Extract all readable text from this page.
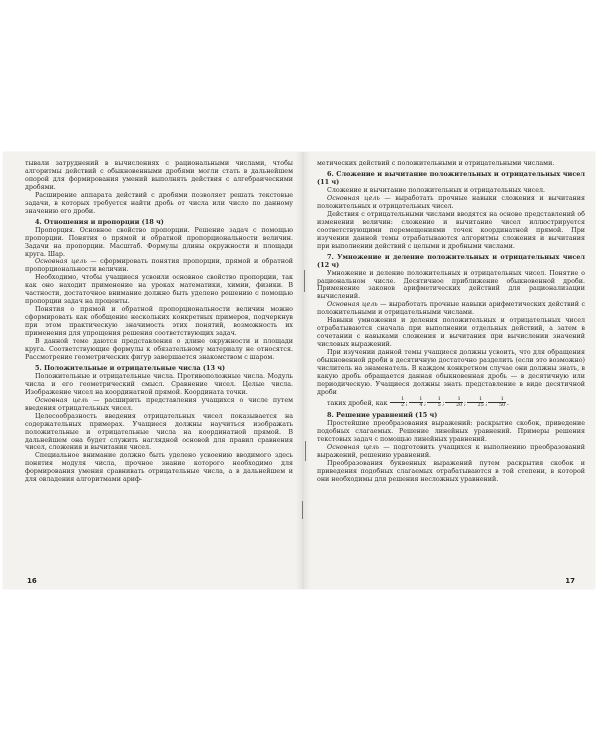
тывали затруднений в вычислениях с рациональными числами, чтобы алгоритмы действий с обыкновенными дробями могли стать в дальнейшем опорой для формирования умений выполнять действия с алгебраическими дробями.

Расширение аппарата действий с дробями позволяет решать текстовые задачи, в которых требуется найти дробь от числа или число по данному значению его дроби.

4. Отношения и пропорции (18 ч)

Пропорция. Основное свойство пропорции. Решение задач с помощью пропорции. Понятия о прямой и обратной пропорциональности величин. Задачи на пропорции. Масштаб. Формулы длины окружности и площади круга. Шар.

Основная цель — сформировать понятия пропорции, прямой и обратной пропорциональности величин.

Необходимо, чтобы учащиеся усвоили основное свойство пропорции, так как оно находит применение на уроках математики, химии, физики. В частности, достаточное внимание должно быть уделено решению с помощью пропорции задач на проценты.

Понятия о прямой и обратной пропорциональности величин можно сформировать как обобщение нескольких конкретных примеров, подчеркнув при этом практическую значимость этих понятий, возможность их применения для упрощения решения соответствующих задач.

В данной теме даются представления о длине окружности и площади круга. Соответствующие формулы к обязательному материалу не относятся. Рассмотрение геометрических фигур завершается знакомством с шаром.

5. Положительные и отрицательные числа (13 ч)

Положительные и отрицательные числа. Противоположные числа. Модуль числа и его геометрический смысл. Сравнение чисел. Целые числа. Изображение чисел на координатной прямой. Координата точки.

Основная цель — расширить представления учащихся о числе путем введения отрицательных чисел.

Целесообразность введения отрицательных чисел показывается на содержательных примерах. Учащиеся должны научиться изображать положительные и отрицательные числа на координатной прямой. В дальнейшем она будет служить наглядной основой для правил сравнения чисел, сложения и вычитания чисел.

Специальное внимание должно быть уделено усвоению вводимого здесь понятия модуля числа, прочное знание которого необходимо для формирования умения сравнивать отрицательные числа, а в дальнейшем и для овладения алгоритмами ариф-

метических действий с положительными и отрицательными числами.

6. Сложение и вычитание положительных и отрицательных чисел (11 ч)

Сложение и вычитание положительных и отрицательных чисел.

Основная цель — выработать прочные навыки сложения и вычитания положительных и отрицательных чисел.

Действия с отрицательными числами вводятся на основе представлений об изменении величин: сложение и вычитание чисел иллюстрируется соответствующими перемещениями точек координатной прямой. При изучении данной темы отрабатываются алгоритмы сложения и вычитания при выполнении действий с целыми и дробными числами.

7. Умножение и деление положительных и отрицательных чисел (12 ч)

Умножение и деление положительных и отрицательных чисел. Понятие о рациональном числе. Десятичное приближение обыкновенной дроби. Применение законов арифметических действий для рационализации вычислений.

Основная цель — выработать прочные навыки арифметических действий с положительными и отрицательными числами.

Навыки умножения и деления положительных и отрицательных чисел отрабатываются сначала при выполнении отдельных действий, а затем в сочетании с навыками сложения и вычитания при вычислении значений числовых выражений.

При изучении данной темы учащиеся должны усвоить, что для обращения обыкновенной дроби в десятичную достаточно разделить (если это возможно) числитель на знаменатель. В каждом конкретном случае они должны знать, в какую дробь обращается данная обыкновенная дробь — в десятичную или периодическую. Учащиеся должны знать представление в виде десятичной дроби

таких дробей, как $\frac{1}{2}$ ; $\frac{1}{4}$ ; $\frac{1}{5}$ ; $\frac{1}{20}$ ; $\frac{1}{25}$ ; $\frac{1}{50}$ .

8. Решение уравнений (15 ч)

Простейшие преобразования выражений: раскрытие скобок, приведение подобных слагаемых. Решение линейных уравнений. Примеры решения текстовых задач с помощью линейных уравнений.

Основная цель — подготовить учащихся к выполнению преобразований выражений, решению уравнений.

Преобразования буквенных выражений путем раскрытия скобок и приведения подобных слагаемых отрабатываются в той степени, в которой они необходимы для решения несложных уравнений.

16	17
